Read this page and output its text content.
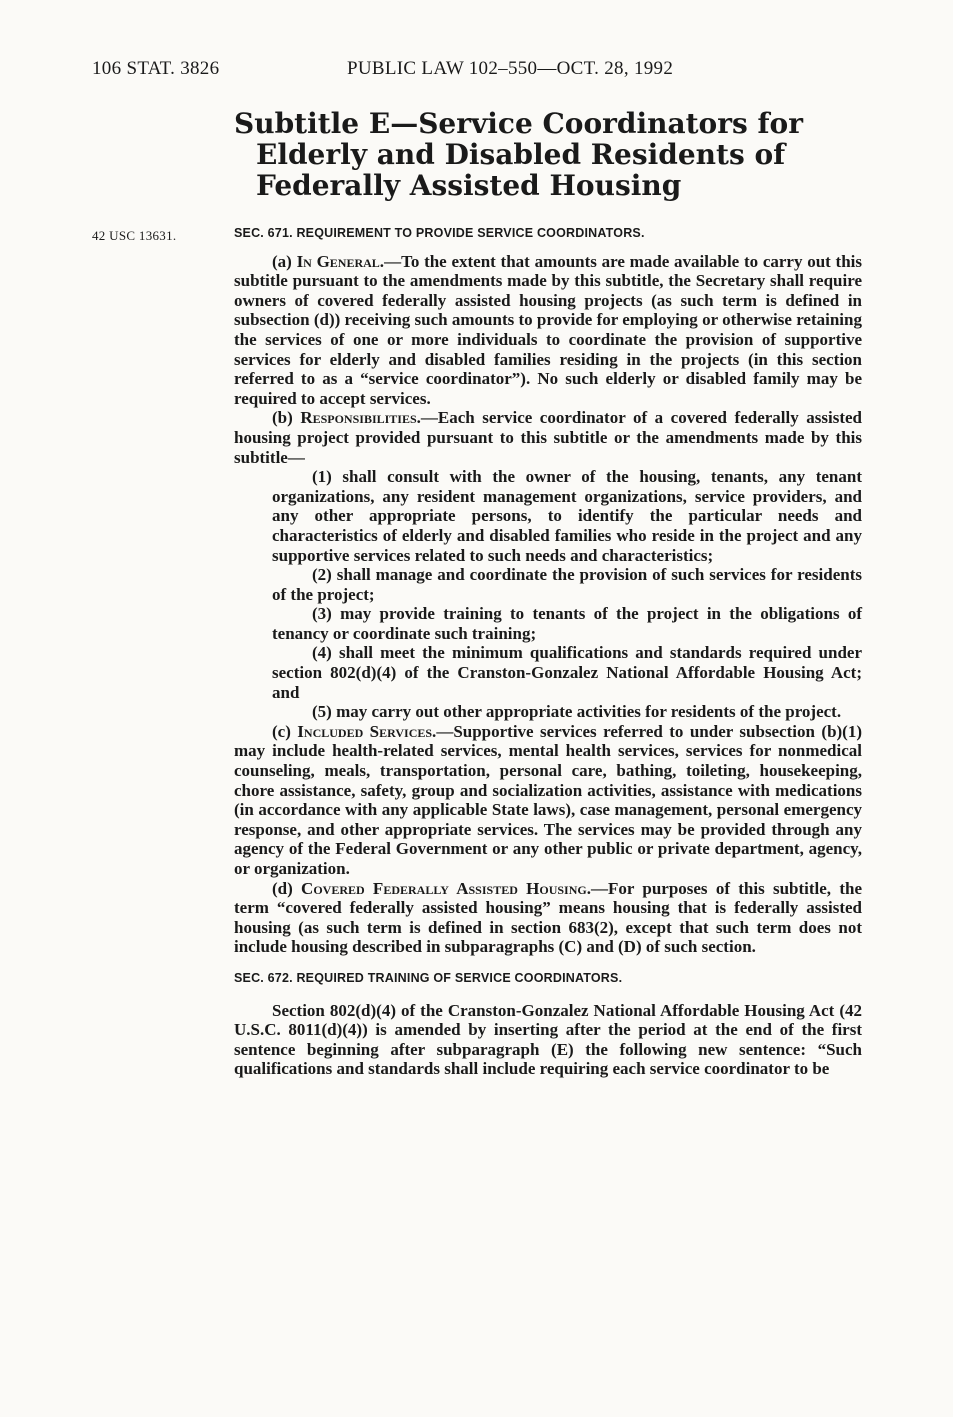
106 STAT. 3826	PUBLIC LAW 102–550—OCT. 28, 1992
Subtitle E—Service Coordinators for Elderly and Disabled Residents of Federally Assisted Housing
42 USC 13631.	SEC. 671. REQUIREMENT TO PROVIDE SERVICE COORDINATORS.

(a) In General.—To the extent that amounts are made available to carry out this subtitle pursuant to the amendments made by this subtitle, the Secretary shall require owners of covered federally assisted housing projects (as such term is defined in subsection (d)) receiving such amounts to provide for employing or otherwise retaining the services of one or more individuals to coordinate the provision of supportive services for elderly and disabled families residing in the projects (in this section referred to as a “service coordinator”). No such elderly or disabled family may be required to accept services.

(b) Responsibilities.—Each service coordinator of a covered federally assisted housing project provided pursuant to this subtitle or the amendments made by this subtitle—

(1) shall consult with the owner of the housing, tenants, any tenant organizations, any resident management organizations, service providers, and any other appropriate persons, to identify the particular needs and characteristics of elderly and disabled families who reside in the project and any supportive services related to such needs and characteristics;

(2) shall manage and coordinate the provision of such services for residents of the project;

(3) may provide training to tenants of the project in the obligations of tenancy or coordinate such training;

(4) shall meet the minimum qualifications and standards required under section 802(d)(4) of the Cranston-Gonzalez National Affordable Housing Act; and

(5) may carry out other appropriate activities for residents of the project.

(c) Included Services.—Supportive services referred to under subsection (b)(1) may include health-related services, mental health services, services for nonmedical counseling, meals, transportation, personal care, bathing, toileting, housekeeping, chore assistance, safety, group and socialization activities, assistance with medications (in accordance with any applicable State laws), case management, personal emergency response, and other appropriate services. The services may be provided through any agency of the Federal Government or any other public or private department, agency, or organization.

(d) Covered Federally Assisted Housing.—For purposes of this subtitle, the term “covered federally assisted housing” means housing that is federally assisted housing (as such term is defined in section 683(2), except that such term does not include housing described in subparagraphs (C) and (D) of such section.

SEC. 672. REQUIRED TRAINING OF SERVICE COORDINATORS.

Section 802(d)(4) of the Cranston-Gonzalez National Affordable Housing Act (42 U.S.C. 8011(d)(4)) is amended by inserting after the period at the end of the first sentence beginning after subparagraph (E) the following new sentence: “Such qualifications and standards shall include requiring each service coordinator to be
